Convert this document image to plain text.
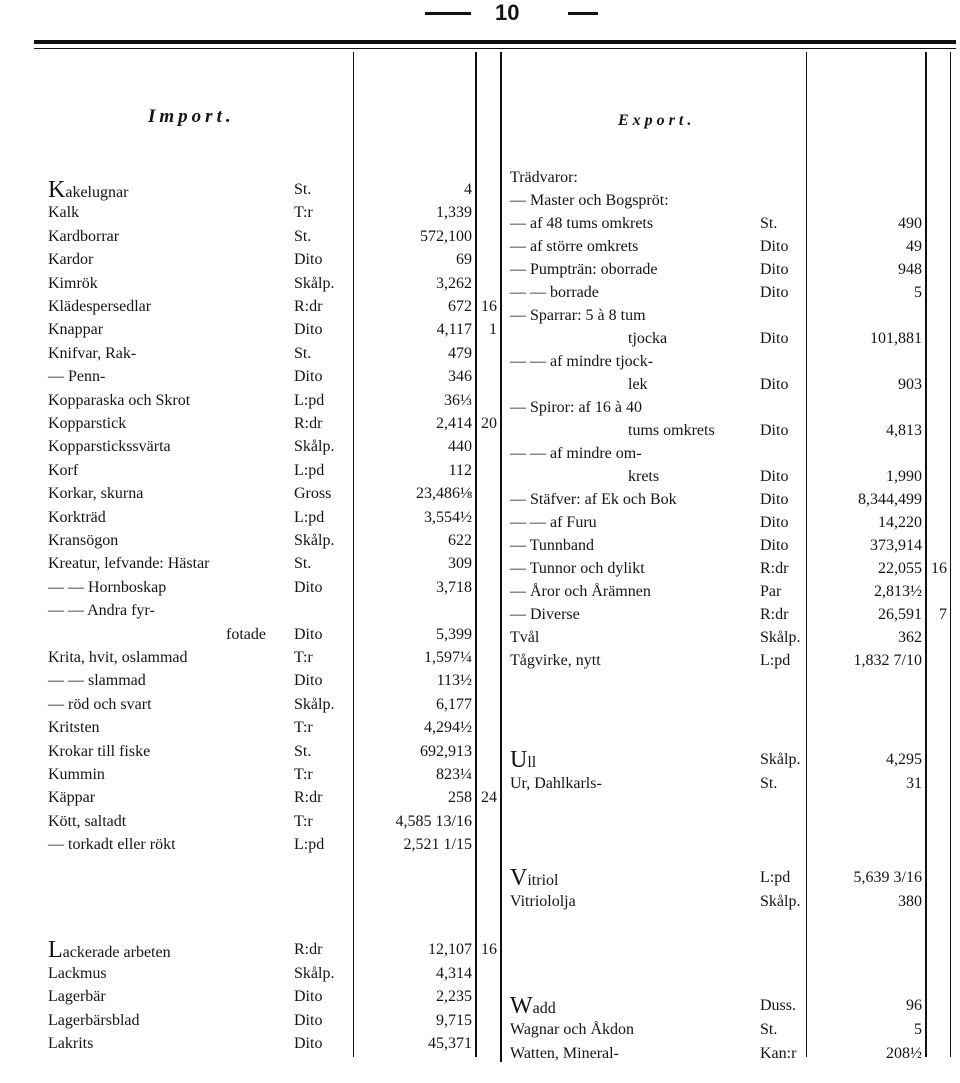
10
Import.	Export.
Kakelugnar	St.	4
Kalk	T:r	1,339
Kardborrar	St.	572,100
Kardor	Dito	69
Kimrök	Skålp.	3,262
Klädespersedlar	R:dr	672 16
Knappar	Dito	4,117 1
Knifvar, Rak-	St.	479
— Penn-	Dito	346
Kopparaska och Skrot	L:pd	36⅓
Kopparstick	R:dr	2,414 20
Kopparstickssvärta	Skålp.	440
Korf	L:pd	112
Korkar, skurna	Gross	23,486⅛
Korkträd	L:pd	3,554½
Kransögon	Skålp.	622
Kreatur, lefvande: Hästar	St.	309
— — Hornboskap	Dito	3,718
— — Andra fyr-
fotade Dito	5,399
Krita, hvit, oslammad	T:r	1,597¼
— — slammad	Dito	113½
— röd och svart	Skålp.	6,177
Kritsten	T:r	4,294½
Krokar till fiske	St.	692,913
Kummin	T:r	823¼
Käppar	R:dr	258 24
Kött, saltadt	T:r	4,585 13/16
— torkadt eller rökt	L:pd	2,521 1/15
Lackerade arbeten	R:dr	12,107 16
Lackmus	Skålp.	4,314
Lagerbär	Dito	2,235
Lagerbärsblad	Dito	9,715
Lakrits	Dito	45,371
Trädvaror:
— Master och Bogspröt:
— af 48 tums omkrets	St.	490
— af större omkrets	Dito	49
— Pumpträn: oborrade	Dito	948
— — borrade	Dito	5
— Sparrar: 5 à 8 tum
tjocka	Dito	101,881
— — af mindre tjock-
lek	Dito	903
— Spiror: af 16 à 40
tums omkrets	Dito	4,813
— — af mindre om-
krets	Dito	1,990
— Stäfver: af Ek och Bok	Dito	8,344,499
— — af Furu	Dito	14,220
— Tunnband	Dito	373,914
— Tunnor och dylikt	R:dr	22,055 16
— Åror och Årämnen	Par	2,813½
— Diverse	R:dr	26,591 7
Tvål	Skålp.	362
Tågvirke, nytt	L:pd	1,832 7/10
Ull	Skålp.	4,295
Ur, Dahlkarls-	St.	31
Vitriol	L:pd	5,639 3/16
Vitriololja	Skålp.	380
Wadd	Duss.	96
Wagnar och Åkdon	St.	5
Watten, Mineral-	Kan:r	208½
